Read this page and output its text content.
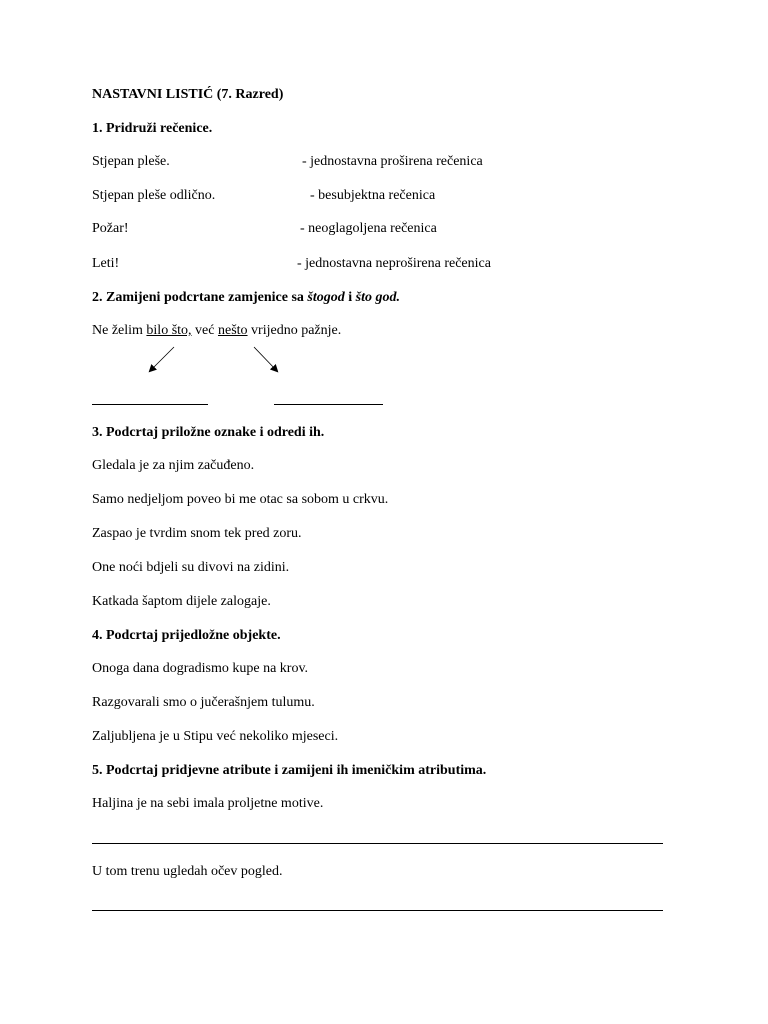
NASTAVNI LISTIĆ (7. Razred)
1. Pridruži rečenice.
Stjepan pleše.	- jednostavna proširena rečenica
Stjepan pleše odlično.	- besubjektna rečenica
Požar!	- neoglagoljena rečenica
Leti!	- jednostavna neproširena rečenica
2. Zamijeni podcrtane zamjenice sa štogod i što god.
Ne želim bilo što, već nešto vrijedno pažnje.
3. Podcrtaj priložne oznake i odredi ih.
Gledala je za njim začuđeno.
Samo nedjeljom poveo bi me otac sa sobom u crkvu.
Zaspao je tvrdim snom tek pred zoru.
One noći bdjeli su divovi na zidini.
Katkada šaptom dijele zalogaje.
4. Podcrtaj prijedložne objekte.
Onoga dana dogradismo kupe na krov.
Razgovarali smo o jučerašnjem tulumu.
Zaljubljena je u Stipu već nekoliko mjeseci.
5. Podcrtaj pridjevne atribute i zamijeni ih imeničkim atributima.
Haljina je na sebi imala proljetne motive.
U tom trenu ugledah očev pogled.
